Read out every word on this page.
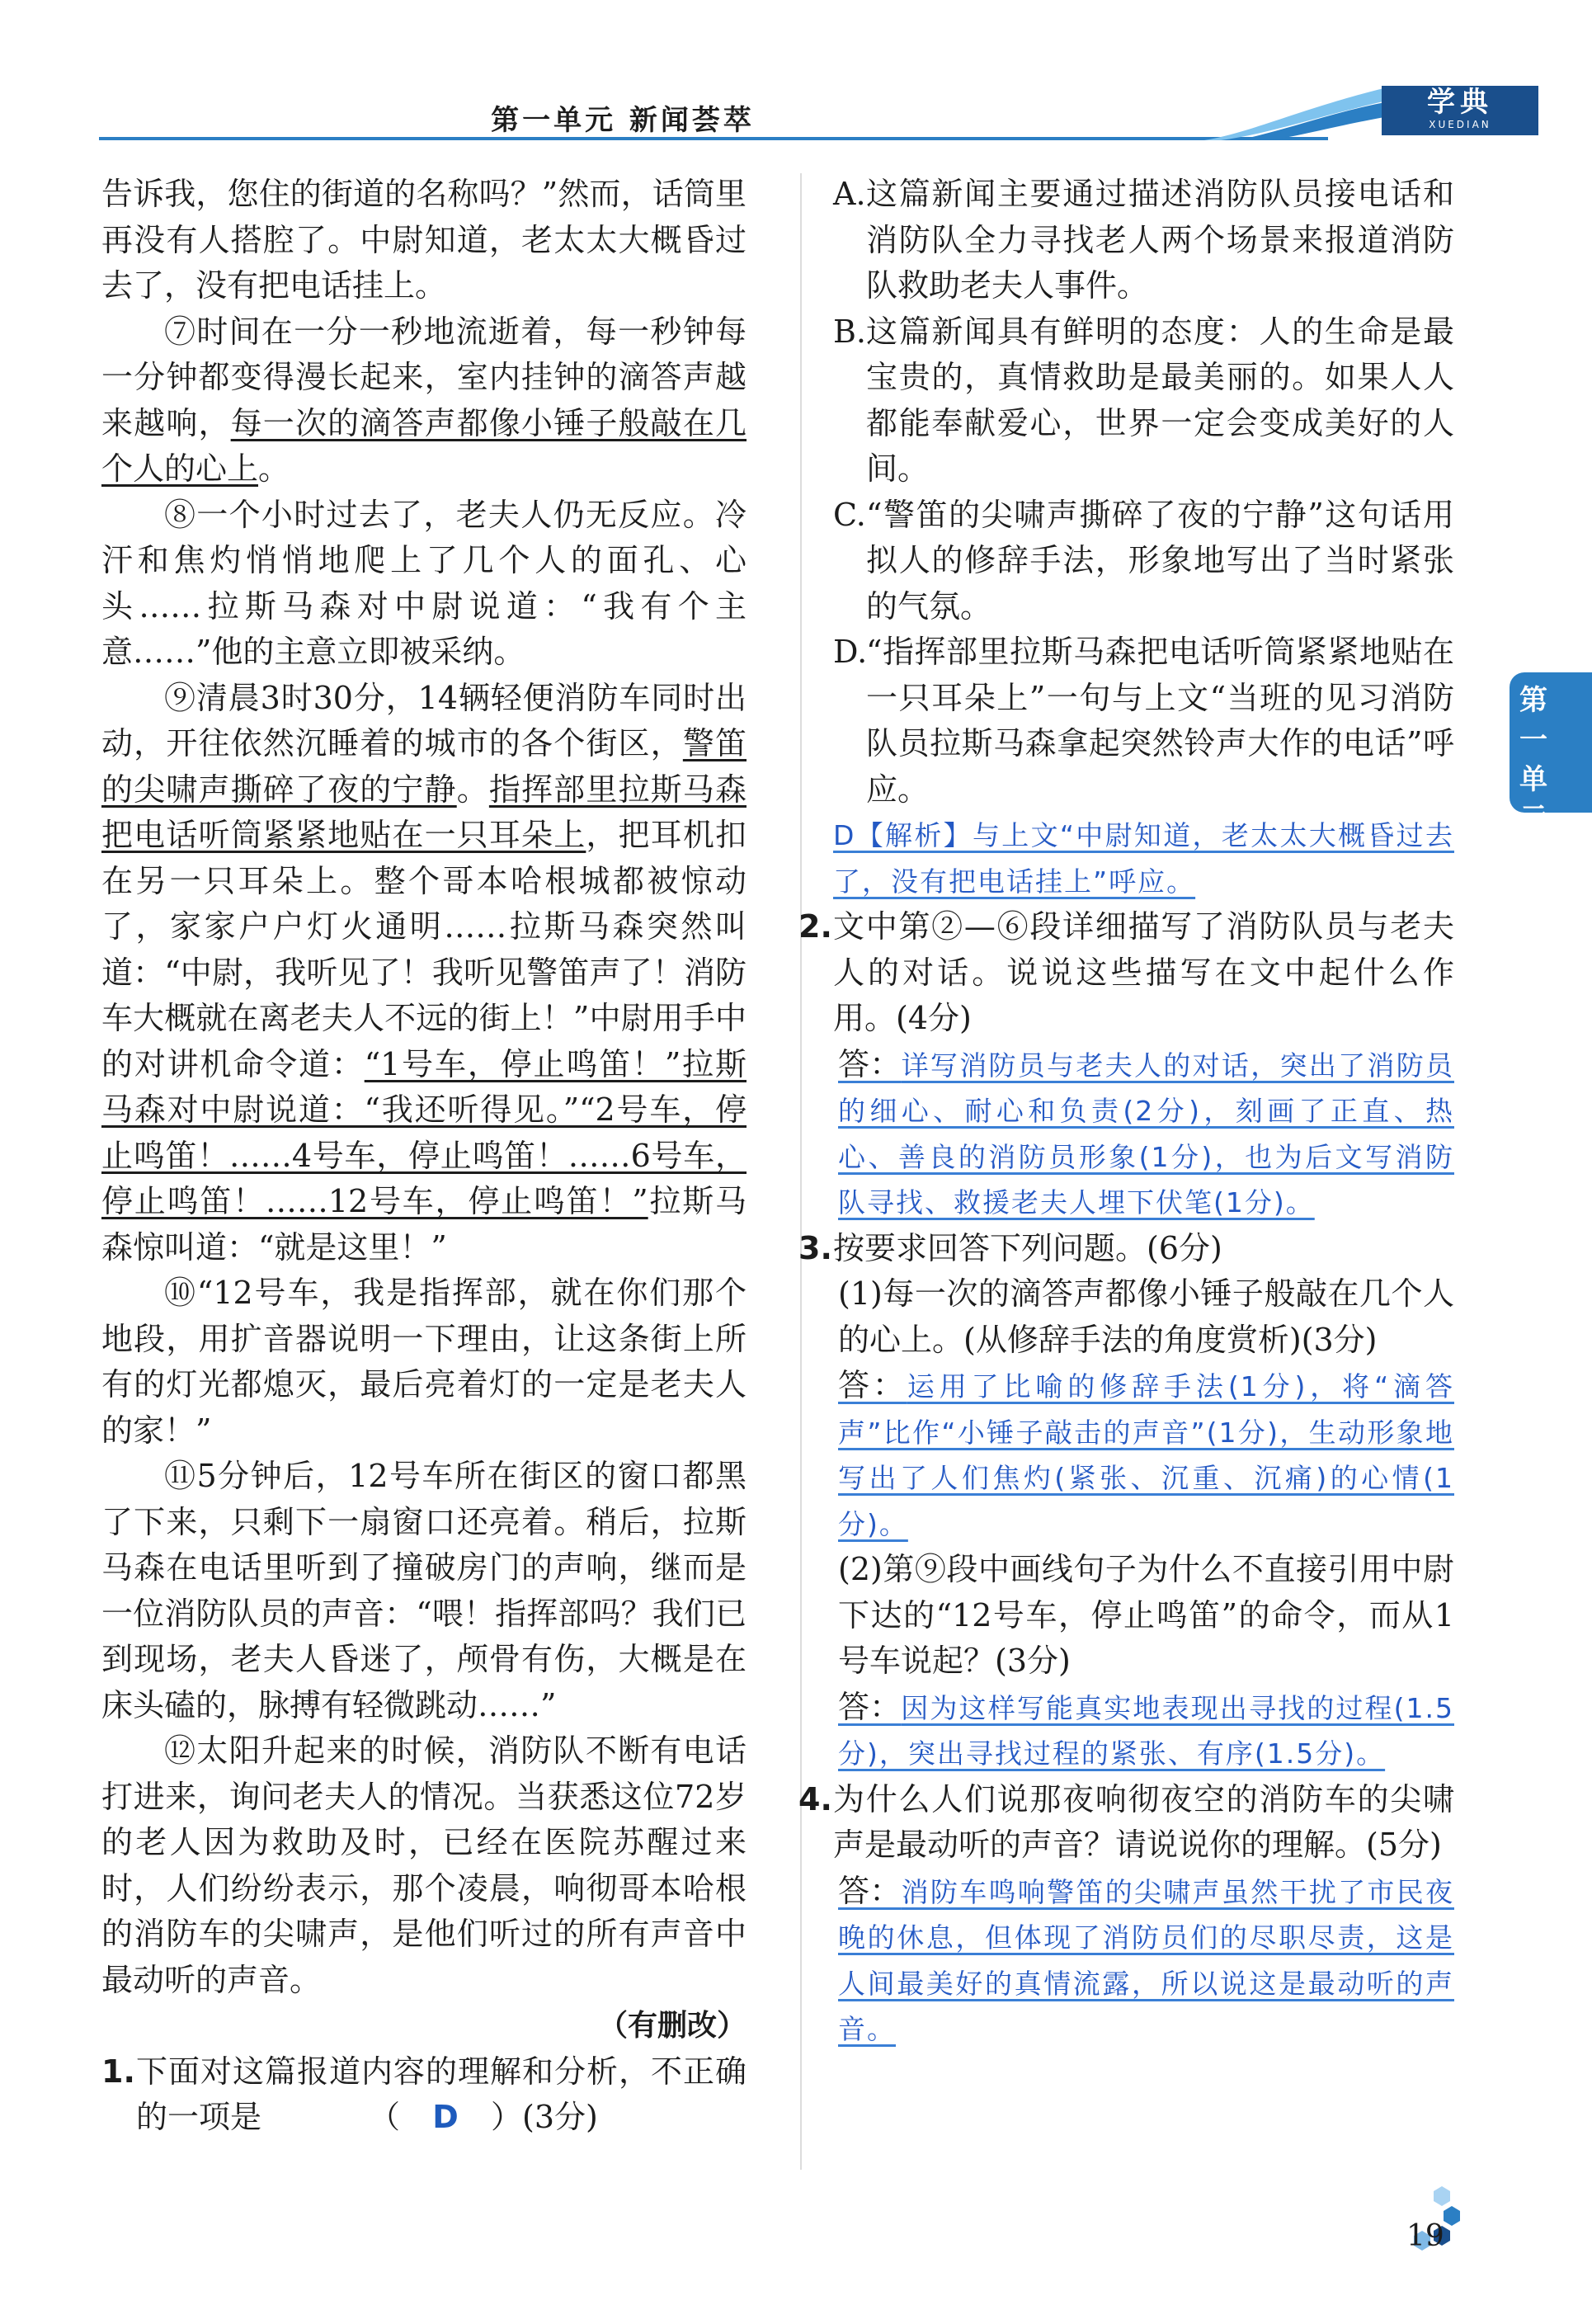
第一单元 新闻荟萃
学典
XUEDIAN

告诉我，您住的街道的名称吗？”然而，话筒里再没有人搭腔了。中尉知道，老太太大概昏过去了，没有把电话挂上。

⑦时间在一分一秒地流逝着，每一秒钟每一分钟都变得漫长起来，室内挂钟的滴答声越来越响，每一次的滴答声都像小锤子般敲在几个人的心上。

⑧一个小时过去了，老夫人仍无反应。冷汗和焦灼悄悄地爬上了几个人的面孔、心头……拉斯马森对中尉说道：“我有个主意……”他的主意立即被采纳。

⑨清晨3时30分，14辆轻便消防车同时出动，开往依然沉睡着的城市的各个街区，警笛的尖啸声撕碎了夜的宁静。指挥部里拉斯马森把电话听筒紧紧地贴在一只耳朵上，把耳机扣在另一只耳朵上。整个哥本哈根城都被惊动了，家家户户灯火通明……拉斯马森突然叫道：“中尉，我听见了！我听见警笛声了！消防车大概就在离老夫人不远的街上！”中尉用手中的对讲机命令道：“1号车，停止鸣笛！”拉斯马森对中尉说道：“我还听得见。”“2号车，停止鸣笛！……4号车，停止鸣笛！……6号车，停止鸣笛！……12号车，停止鸣笛！”拉斯马森惊叫道：“就是这里！”

⑩“12号车，我是指挥部，就在你们那个地段，用扩音器说明一下理由，让这条街上所有的灯光都熄灭，最后亮着灯的一定是老夫人的家！”

⑪5分钟后，12号车所在街区的窗口都黑了下来，只剩下一扇窗口还亮着。稍后，拉斯马森在电话里听到了撞破房门的声响，继而是一位消防队员的声音：“喂！指挥部吗？我们已到现场，老夫人昏迷了，颅骨有伤，大概是在床头磕的，脉搏有轻微跳动……”

⑫太阳升起来的时候，消防队不断有电话打进来，询问老夫人的情况。当获悉这位72岁的老人因为救助及时，已经在医院苏醒过来时，人们纷纷表示，那个凌晨，响彻哥本哈根的消防车的尖啸声，是他们听过的所有声音中最动听的声音。

（有删改）

1. 下面对这篇报道内容的理解和分析，不正确的一项是	（ D ）(3分)
A. 这篇新闻主要通过描述消防队员接电话和消防队全力寻找老人两个场景来报道消防队救助老夫人事件。
B. 这篇新闻具有鲜明的态度：人的生命是最宝贵的，真情救助是最美丽的。如果人人都能奉献爱心，世界一定会变成美好的人间。
C. “警笛的尖啸声撕碎了夜的宁静”这句话用拟人的修辞手法，形象地写出了当时紧张的气氛。
D.
“指挥部里拉斯马森把电话听筒紧紧地贴在一只耳朵上”一句与上文“当班的见习消防队员拉斯马森拿起突然铃声大作的电话”呼应。
D【解析】与上文“中尉知道，老太太大概昏过去了，没有把电话挂上”呼应。
2. 文中第②—⑥段详细描写了消防队员与老夫人的对话。说说这些描写在文中起什么作用。(4分)
答：详写消防员与老夫人的对话，突出了消防员的细心、耐心和负责(2分)，刻画了正直、热心、善良的消防员形象(1分)，也为后文写消防队寻找、救援老夫人埋下伏笔(1分)。
3. 按要求回答下列问题。(6分)
(1)每一次的滴答声都像小锤子般敲在几个人的心上。(从修辞手法的角度赏析)(3分)
答：运用了比喻的修辞手法(1分)，将“滴答声”比作“小锤子敲击的声音”(1分)，生动形象地写出了人们焦灼(紧张、沉重、沉痛)的心情(1分)。
(2)第⑨段中画线句子为什么不直接引用中尉下达的“12号车，停止鸣笛”的命令，而从1号车说起？(3分)
答：因为这样写能真实地表现出寻找的过程(1.5分)，突出寻找过程的紧张、有序(1.5分)。
4. 为什么人们说那夜响彻夜空的消防车的尖啸声是最动听的声音？请说说你的理解。(5分)
答：消防车鸣响警笛的尖啸声虽然干扰了市民夜晚的休息，但体现了消防员们的尽职尽责，这是人间最美好的真情流露，所以说这是最动听的声音。
第一单元
19
